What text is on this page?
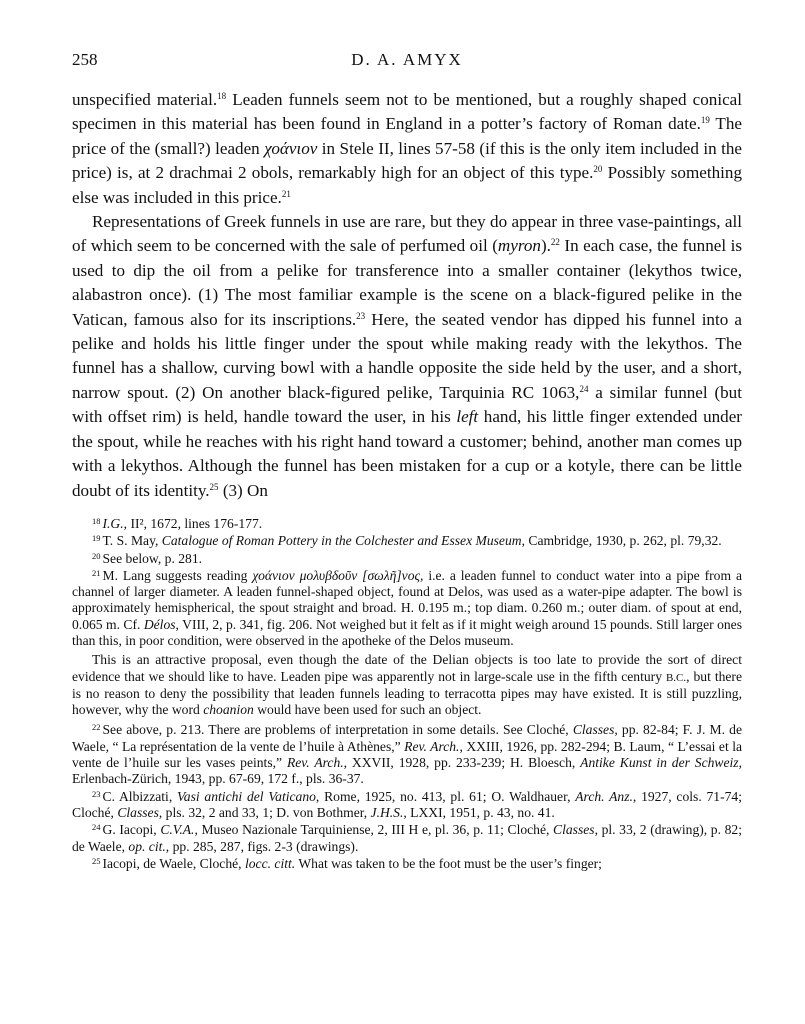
258	D. A. AMYX

unspecified material.$^{18}$ Leaden funnels seem not to be mentioned, but a roughly shaped conical specimen in this material has been found in England in a potter’s factory of Roman date.$^{19}$ The price of the (small?) leaden χοάνιον in Stele II, lines 57-58 (if this is the only item included in the price) is, at 2 drachmai 2 obols, remarkably high for an object of this type.$^{20}$ Possibly something else was included in this price.$^{21}$

Representations of Greek funnels in use are rare, but they do appear in three vase-paintings, all of which seem to be concerned with the sale of perfumed oil (myron).$^{22}$ In each case, the funnel is used to dip the oil from a pelike for transference into a smaller container (lekythos twice, alabastron once). (1) The most familiar example is the scene on a black-figured pelike in the Vatican, famous also for its inscriptions.$^{23}$ Here, the seated vendor has dipped his funnel into a pelike and holds his little finger under the spout while making ready with the lekythos. The funnel has a shallow, curving bowl with a handle opposite the side held by the user, and a short, narrow spout. (2) On another black-figured pelike, Tarquinia RC 1063,24 a similar funnel (but with offset rim) is held, handle toward the user, in his left hand, his little finger extended under the spout, while he reaches with his right hand toward a customer; behind, another man comes up with a lekythos. Although the funnel has been mistaken for a cup or a kotyle, there can be little doubt of its identity.$^{25}$ (3) On

$^{18}$ I.G., II², 1672, lines 176-177.

$^{19}$ T. S. May, Catalogue of Roman Pottery in the Colchester and Essex Museum, Cambridge, 1930, p. 262, pl. 79,32.

$^{20}$ See below, p. 281.

$^{21}$ M. Lang suggests reading χοάνιον μολυβδοῦν [σωλῆ]νος, i.e. a leaden funnel to conduct water into a pipe from a channel of larger diameter. A leaden funnel-shaped object, found at Delos, was used as a water-pipe adapter. The bowl is approximately hemispherical, the spout straight and broad. H. 0.195 m.; top diam. 0.260 m.; outer diam. of spout at end, 0.065 m. Cf. Délos, VIII, 2, p. 341, fig. 206. Not weighed but it felt as if it might weigh around 15 pounds. Still larger ones than this, in poor condition, were observed in the apotheke of the Delos museum.

This is an attractive proposal, even though the date of the Delian objects is too late to provide the sort of direct evidence that we should like to have. Leaden pipe was apparently not in large-scale use in the fifth century B.C., but there is no reason to deny the possibility that leaden funnels leading to terracotta pipes may have existed. It is still puzzling, however, why the word choanion would have been used for such an object.

$^{22}$ See above, p. 213. There are problems of interpretation in some details. See Cloché, Classes, pp. 82-84; F. J. M. de Waele, “ La représentation de la vente de l’huile à Athènes,” Rev. Arch., XXIII, 1926, pp. 282-294; B. Laum, “ L’essai et la vente de l’huile sur les vases peints,” Rev. Arch., XXVII, 1928, pp. 233-239; H. Bloesch, Antike Kunst in der Schweiz, Erlenbach-Zürich, 1943, pp. 67-69, 172 f., pls. 36-37.

$^{23}$ C. Albizzati, Vasi antichi del Vaticano, Rome, 1925, no. 413, pl. 61; O. Waldhauer, Arch. Anz., 1927, cols. 71-74; Cloché, Classes, pls. 32, 2 and 33, 1; D. von Bothmer, J.H.S., LXXI, 1951, p. 43, no. 41.

$^{24}$ G. Iacopi, C.V.A., Museo Nazionale Tarquiniense, 2, III H e, pl. 36, p. 11; Cloché, Classes, pl. 33, 2 (drawing), p. 82; de Waele, op. cit., pp. 285, 287, figs. 2-3 (drawings).

$^{25}$ Iacopi, de Waele, Cloché, locc. citt. What was taken to be the foot must be the user’s finger;
